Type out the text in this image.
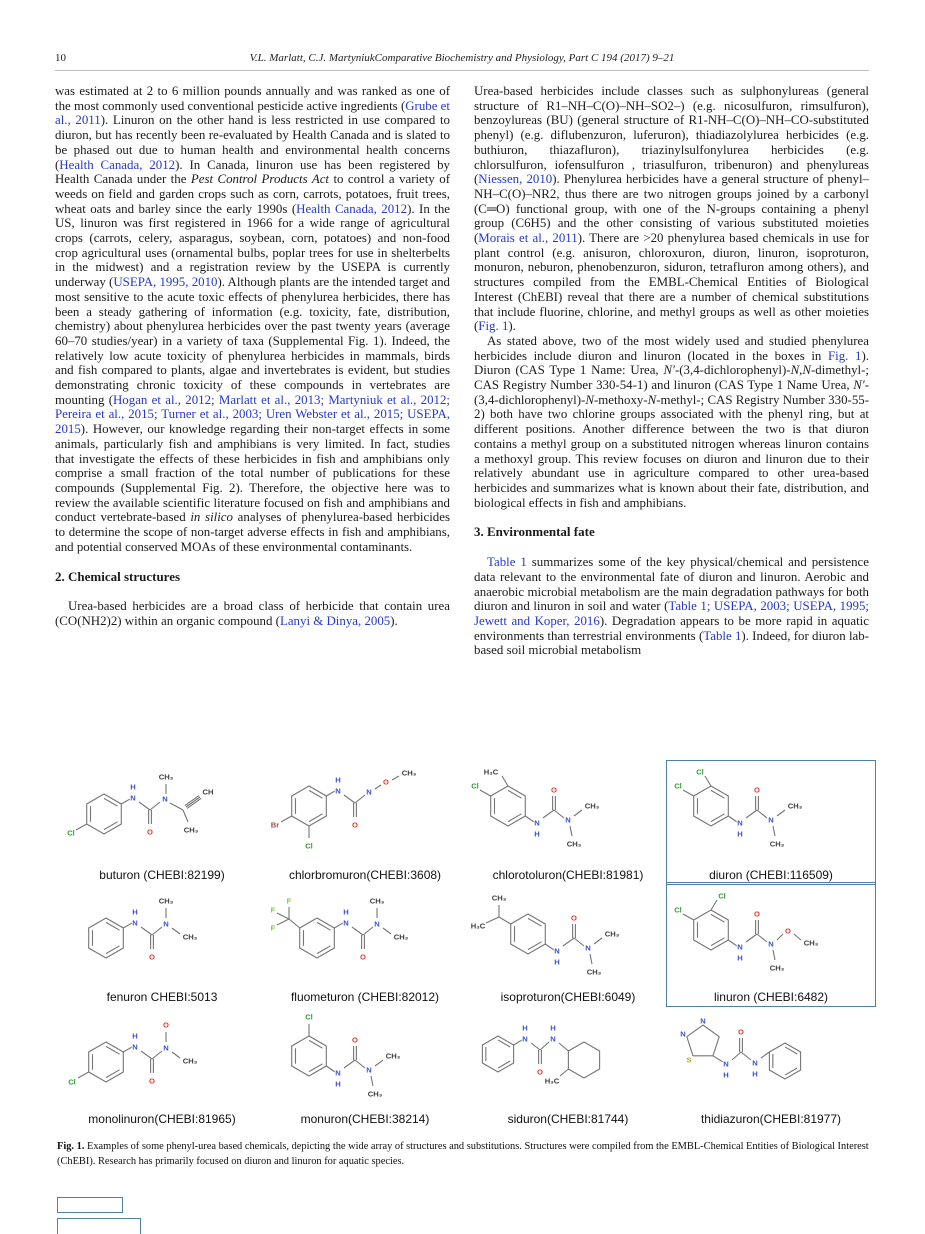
10	V.L. Marlatt, C.J. MartyniukComparative Biochemistry and Physiology, Part C 194 (2017) 9–21

was estimated at 2 to 6 million pounds annually and was ranked as one of the most commonly used conventional pesticide active ingredients (Grube et al., 2011). Linuron on the other hand is less restricted in use compared to diuron, but has recently been re-evaluated by Health Canada and is slated to be phased out due to human health and environmental health concerns (Health Canada, 2012). In Canada, linuron use has been registered by Health Canada under the Pest Control Products Act to control a variety of weeds on field and garden crops such as corn, carrots, potatoes, fruit trees, wheat oats and barley since the early 1990s (Health Canada, 2012). In the US, linuron was first registered in 1966 for a wide range of agricultural crops (carrots, celery, asparagus, soybean, corn, potatoes) and non-food crop agricultural uses (ornamental bulbs, poplar trees for use in shelterbelts in the midwest) and a registration review by the USEPA is currently underway (USEPA, 1995, 2010). Although plants are the intended target and most sensitive to the acute toxic effects of phenylurea herbicides, there has been a steady gathering of information (e.g. toxicity, fate, distribution, chemistry) about phenylurea herbicides over the past twenty years (average 60–70 studies/year) in a variety of taxa (Supplemental Fig. 1). Indeed, the relatively low acute toxicity of phenylurea herbicides in mammals, birds and fish compared to plants, algae and invertebrates is evident, but studies demonstrating chronic toxicity of these compounds in vertebrates are mounting (Hogan et al., 2012; Marlatt et al., 2013; Martyniuk et al., 2012; Pereira et al., 2015; Turner et al., 2003; Uren Webster et al., 2015; USEPA, 2015). However, our knowledge regarding their non-target effects in some animals, particularly fish and amphibians is very limited. In fact, studies that investigate the effects of these herbicides in fish and amphibians only comprise a small fraction of the total number of publications for these compounds (Supplemental Fig. 2). Therefore, the objective here was to review the available scientific literature focused on fish and amphibians and conduct vertebrate-based in silico analyses of phenylurea-based herbicides to determine the scope of non-target adverse effects in fish and amphibians, and potential conserved MOAs of these environmental contaminants.

2. Chemical structures

Urea-based herbicides are a broad class of herbicide that contain urea (CO(NH2)2) within an organic compound (Lanyi & Dinya, 2005).

Urea-based herbicides include classes such as sulphonylureas (general structure of R1–NH–C(O)–NH–SO2–) (e.g. nicosulfuron, rimsulfuron), benzoylureas (BU) (general structure of R1-NH–C(O)–NH–CO-substituted phenyl) (e.g. diflubenzuron, luferuron), thiadiazolylurea herbicides (e.g. buthiuron, thiazafluron), triazinylsulfonylurea herbicides (e.g. chlorsulfuron, iofensulfuron , triasulfuron, tribenuron) and phenylureas (Niessen, 2010). Phenylurea herbicides have a general structure of phenyl–NH–C(O)–NR2, thus there are two nitrogen groups joined by a carbonyl (C═O) functional group, with one of the N-groups containing a phenyl group (C6H5) and the other consisting of various substituted moieties (Morais et al., 2011). There are >20 phenylurea based chemicals in use for plant control (e.g. anisuron, chloroxuron, diuron, linuron, isoproturon, monuron, neburon, phenobenzuron, siduron, tetrafluron among others), and structures compiled from the EMBL-Chemical Entities of Biological Interest (ChEBI) reveal that there are a number of chemical substitutions that include fluorine, chlorine, and methyl groups as well as other moieties (Fig. 1).

As stated above, two of the most widely used and studied phenylurea herbicides include diuron and linuron (located in the boxes in Fig. 1). Diuron (CAS Type 1 Name: Urea, N′-(3,4-dichlorophenyl)-N,N-dimethyl-; CAS Registry Number 330-54-1) and linuron (CAS Type 1 Name Urea, N′-(3,4-dichlorophenyl)-N-methoxy-N-methyl-; CAS Registry Number 330-55-2) both have two chlorine groups associated with the phenyl ring, but at different positions. Another difference between the two is that diuron contains a methyl group on a substituted nitrogen whereas linuron contains a methoxyl group. This review focuses on diuron and linuron due to their relatively abundant use in agriculture compared to other urea-based herbicides and summarizes what is known about their fate, distribution, and biological effects in fish and amphibians.

3. Environmental fate

Table 1 summarizes some of the key physical/chemical and persistence data relevant to the environmental fate of diuron and linuron. Aerobic and anaerobic microbial metabolism are the main degradation pathways for both diuron and linuron in soil and water (Table 1; USEPA, 2003; USEPA, 1995; Jewett and Koper, 2016). Degradation appears to be more rapid in aquatic environments than terrestrial environments (Table 1). Indeed, for diuron lab-based soil microbial metabolism

Cl
H
N
O
N
CH₃
CH₃
CH
buturon (CHEBI:82199)
Br
Cl
H
N
O
N
O
CH₃
chlorbromuron(CHEBI:3608)
H₃C
Cl
N
H
O
N
CH₃
CH₃
chlorotoluron(CHEBI:81981)
Cl
Cl
N
H
O
N
CH₃
CH₃
diuron (CHEBI:116509)
H
N
O
N
CH₃
CH₃
fenuron CHEBI:5013
F
F
F
H
N
O
N
CH₃
CH₃
fluometuron (CHEBI:82012)
CH₃
H₃C
N
H
O
N
CH₃
CH₃
isoproturon(CHEBI:6049)
Cl
Cl
N
H
O
N
O
CH₃
CH₃
linuron (CHEBI:6482)
Cl
H
N
O
N
O
CH₃
monolinuron(CHEBI:81965)
Cl
N
H
O
N
CH₃
CH₃
monuron(CHEBI:38214)
N
H
O
N
H
H₃C
siduron(CHEBI:81744)
N
N
S	N
H
O
N
H
thidiazuron(CHEBI:81977)
Fig. 1. Examples of some phenyl-urea based chemicals, depicting the wide array of structures and substitutions. Structures were compiled from the EMBL-Chemical Entities of Biological Interest (ChEBI). Research has primarily focused on diuron and linuron for aquatic species.
